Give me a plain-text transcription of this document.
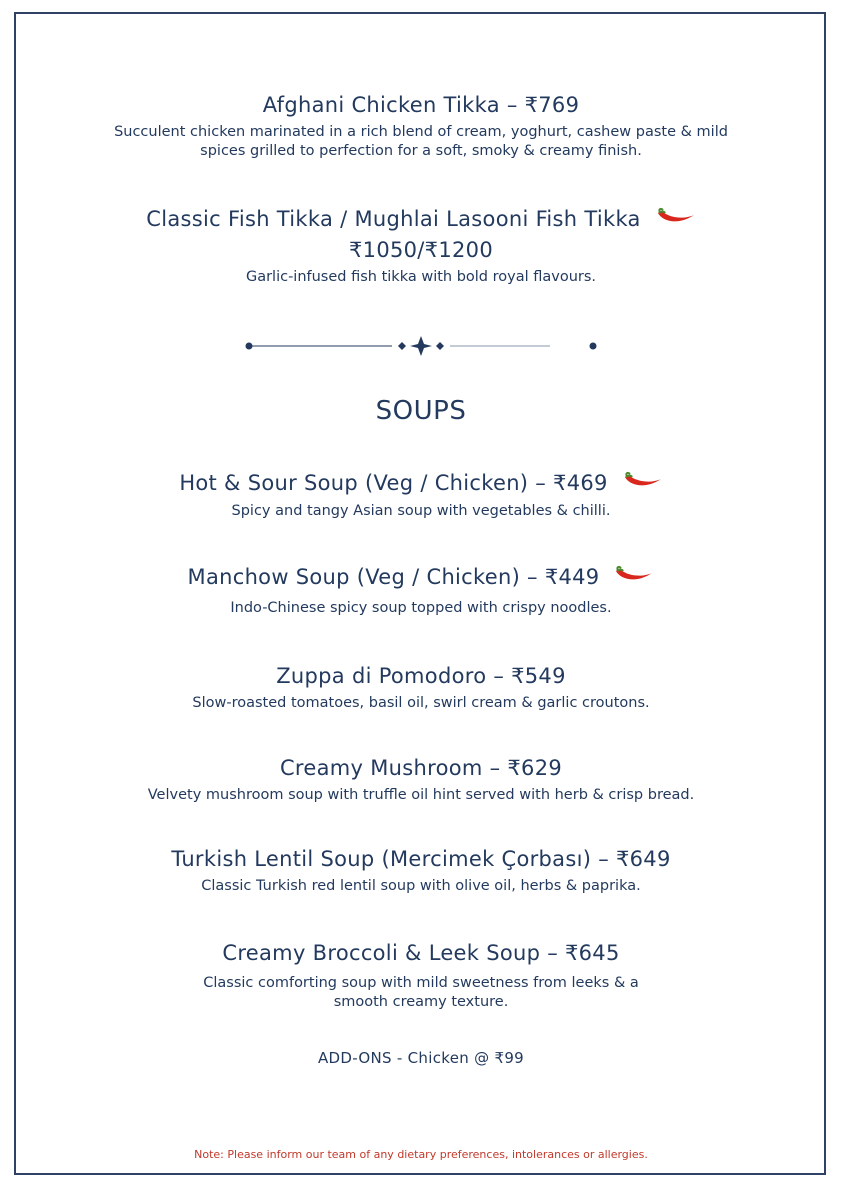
Afghani Chicken Tikka – ₹769
Succulent chicken marinated in a rich blend of cream, yoghurt, cashew paste & mild
spices grilled to perfection for a soft, smoky & creamy finish.
Classic Fish Tikka / Mughlai Lasooni Fish Tikka
₹1050/₹1200
Garlic-infused fish tikka with bold royal flavours.
SOUPS
Hot & Sour Soup (Veg / Chicken) – ₹469
Spicy and tangy Asian soup with vegetables & chilli.
Manchow Soup (Veg / Chicken) – ₹449
Indo-Chinese spicy soup topped with crispy noodles.
Zuppa di Pomodoro – ₹549
Slow-roasted tomatoes, basil oil, swirl cream & garlic croutons.
Creamy Mushroom – ₹629
Velvety mushroom soup with truffle oil hint served with herb & crisp bread.
Turkish Lentil Soup (Mercimek Çorbası) – ₹649
Classic Turkish red lentil soup with olive oil, herbs & paprika.
Creamy Broccoli & Leek Soup – ₹645
Classic comforting soup with mild sweetness from leeks & a
smooth creamy texture.
ADD-ONS - Chicken @ ₹99
Note: Please inform our team of any dietary preferences, intolerances or allergies.
